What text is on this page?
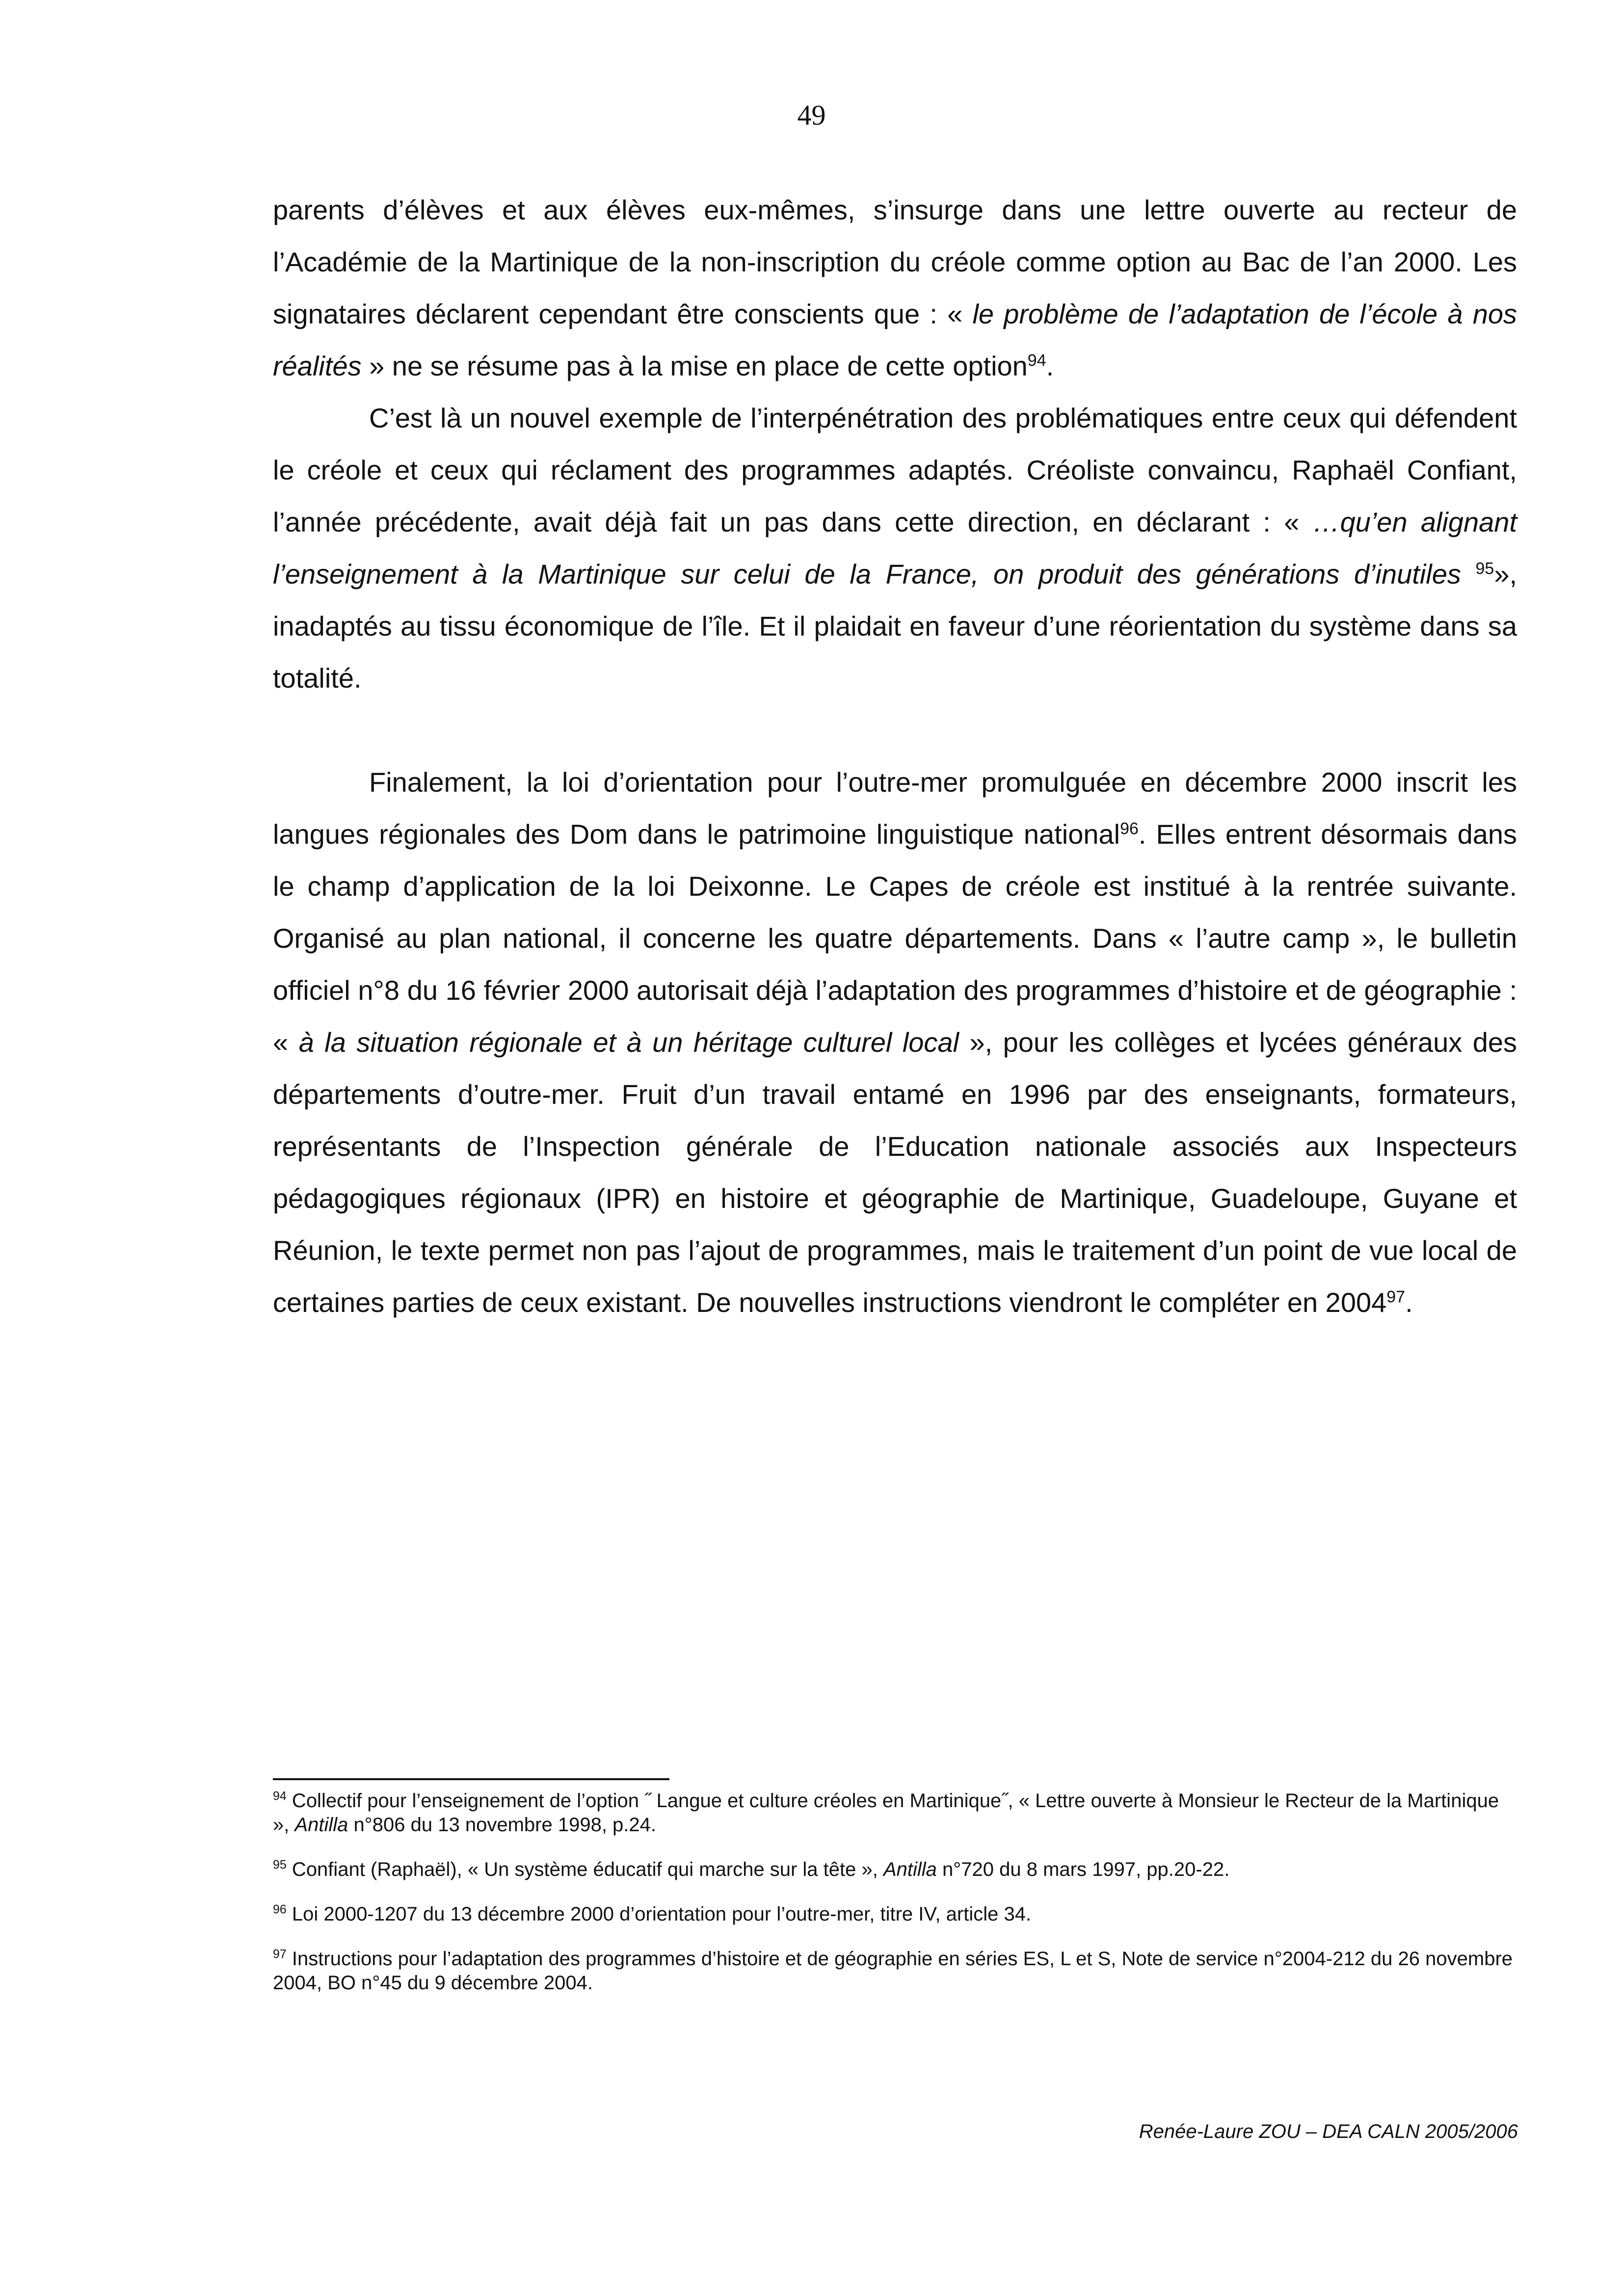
49

parents d’élèves et aux élèves eux-mêmes, s’insurge dans une lettre ouverte au recteur de l’Académie de la Martinique de la non-inscription du créole comme option au Bac de l’an 2000. Les signataires déclarent cependant être conscients que : « le problème de l’adaptation de l’école à nos réalités » ne se résume pas à la mise en place de cette option$^{94}$.

C’est là un nouvel exemple de l’interpénétration des problématiques entre ceux qui défendent le créole et ceux qui réclament des programmes adaptés. Créoliste convaincu, Raphaël Confiant, l’année précédente, avait déjà fait un pas dans cette direction, en déclarant : « …qu’en alignant l’enseignement à la Martinique sur celui de la France, on produit des générations d’inutiles $^{95}$», inadaptés au tissu économique de l’île. Et il plaidait en faveur d’une réorientation du système dans sa totalité.

Finalement, la loi d’orientation pour l’outre-mer promulguée en décembre 2000 inscrit les langues régionales des Dom dans le patrimoine linguistique national$^{96}$. Elles entrent désormais dans le champ d’application de la loi Deixonne. Le Capes de créole est institué à la rentrée suivante. Organisé au plan national, il concerne les quatre départements. Dans « l’autre camp », le bulletin officiel n°8 du 16 février 2000 autorisait déjà l’adaptation des programmes d’histoire et de géographie : « à la situation régionale et à un héritage culturel local », pour les collèges et lycées généraux des départements d’outre-mer. Fruit d’un travail entamé en 1996 par des enseignants, formateurs, représentants de l’Inspection générale de l’Education nationale associés aux Inspecteurs pédagogiques régionaux (IPR) en histoire et géographie de Martinique, Guadeloupe, Guyane et Réunion, le texte permet non pas l’ajout de programmes, mais le traitement d’un point de vue local de certaines parties de ceux existant. De nouvelles instructions viendront le compléter en 2004$^{97}$.

$^{94}$ Collectif pour l’enseignement de l’option ˝ Langue et culture créoles en Martinique˝, « Lettre ouverte à Monsieur le Recteur de la Martinique », Antilla n°806 du 13 novembre 1998, p.24.

$^{95}$ Confiant (Raphaël), « Un système éducatif qui marche sur la tête », Antilla n°720 du 8 mars 1997, pp.20-22.

$^{96}$ Loi 2000-1207 du 13 décembre 2000 d’orientation pour l’outre-mer, titre IV, article 34.

$^{97}$ Instructions pour l’adaptation des programmes d’histoire et de géographie en séries ES, L et S, Note de service n°2004-212 du 26 novembre 2004, BO n°45 du 9 décembre 2004.

Renée-Laure ZOU – DEA CALN 2005/2006
